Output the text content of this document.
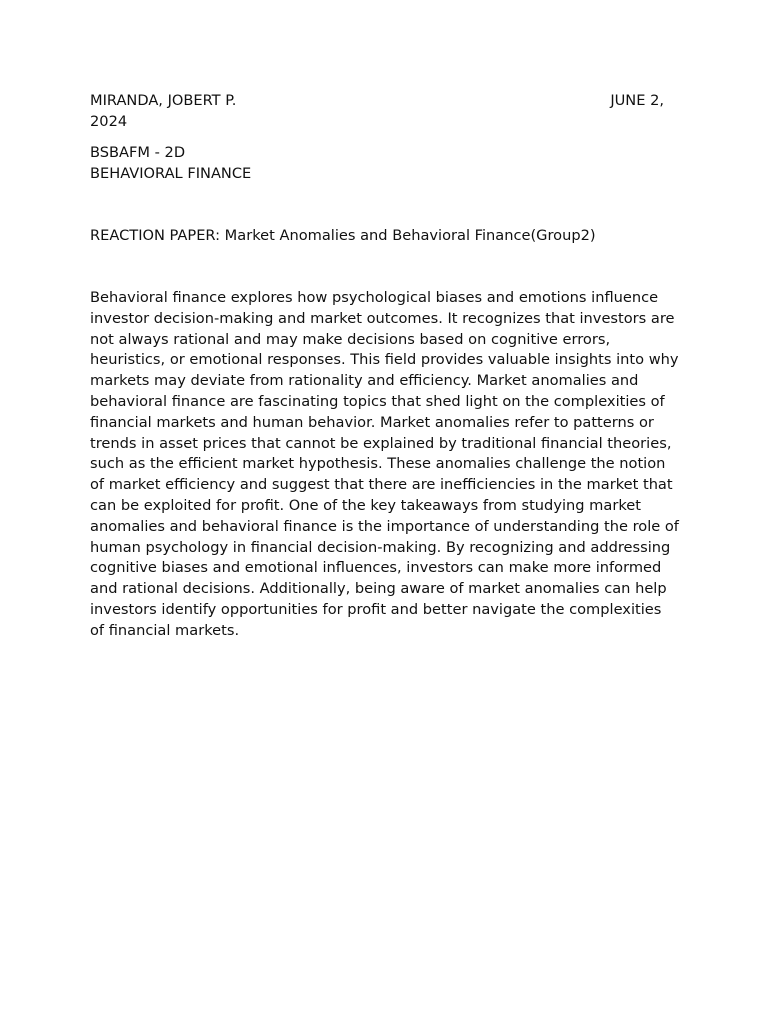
MIRANDA, JOBERT P.	JUNE 2,
2024
BSBAFM - 2D
BEHAVIORAL FINANCE
REACTION PAPER: Market Anomalies and Behavioral Finance(Group2)

Behavioral finance explores how psychological biases and emotions influence investor decision-making and market outcomes. It recognizes that investors are not always rational and may make decisions based on cognitive errors, heuristics, or emotional responses. This field provides valuable insights into why markets may deviate from rationality and efficiency. Market anomalies and behavioral finance are fascinating topics that shed light on the complexities of financial markets and human behavior. Market anomalies refer to patterns or trends in asset prices that cannot be explained by traditional financial theories, such as the efficient market hypothesis. These anomalies challenge the notion of market efficiency and suggest that there are inefficiencies in the market that can be exploited for profit. One of the key takeaways from studying market anomalies and behavioral finance is the importance of understanding the role of human psychology in financial decision-making. By recognizing and addressing cognitive biases and emotional influences, investors can make more informed and rational decisions. Additionally, being aware of market anomalies can help investors identify opportunities for profit and better navigate the complexities of financial markets.
